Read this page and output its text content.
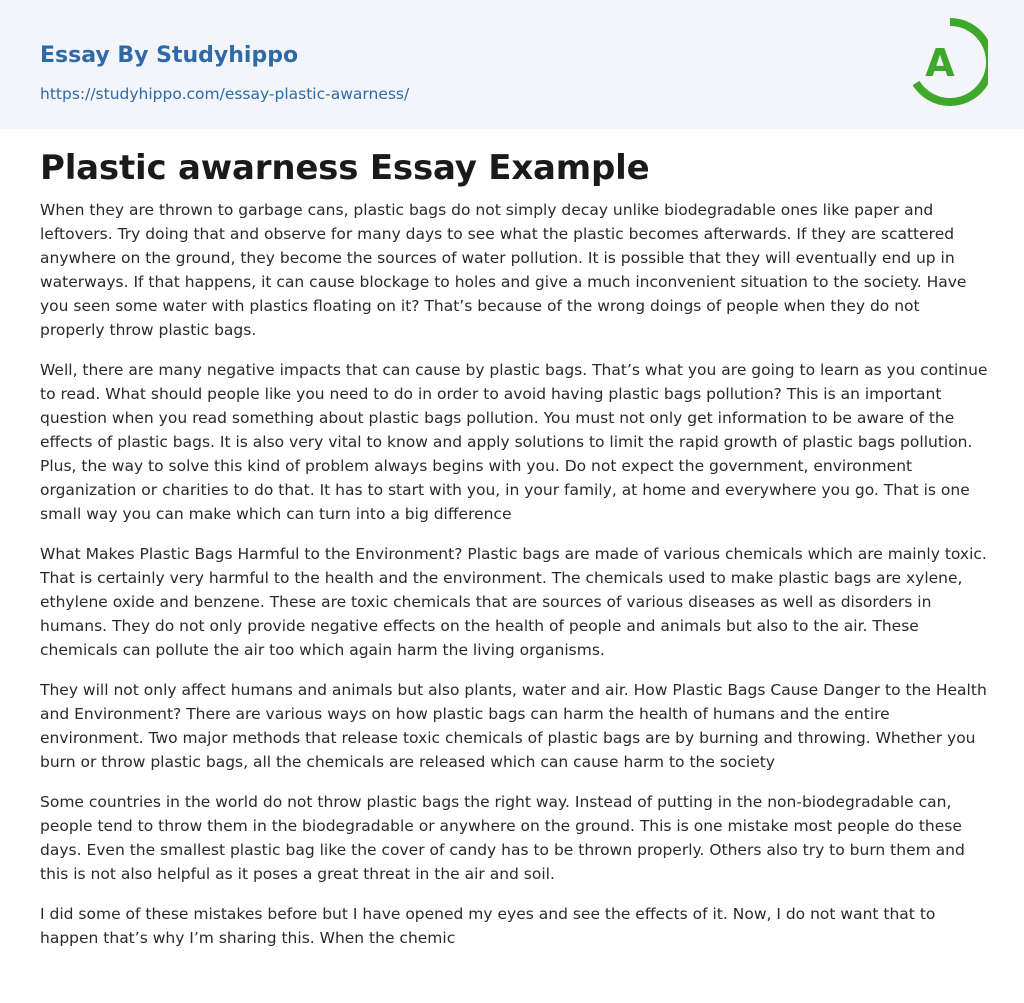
Essay By Studyhippo
https://studyhippo.com/essay-plastic-awarness/
A
Plastic awarness Essay Example

When they are thrown to garbage cans, plastic bags do not simply decay unlike biodegradable ones like paper and leftovers. Try doing that and observe for many days to see what the plastic becomes afterwards. If they are scattered anywhere on the ground, they become the sources of water pollution. It is possible that they will eventually end up in waterways. If that happens, it can cause blockage to holes and give a much inconvenient situation to the society. Have you seen some water with plastics floating on it? That’s because of the wrong doings of people when they do not properly throw plastic bags.

Well, there are many negative impacts that can cause by plastic bags. That’s what you are going to learn as you continue to read. What should people like you need to do in order to avoid having plastic bags pollution? This is an important question when you read something about plastic bags pollution. You must not only get information to be aware of the effects of plastic bags. It is also very vital to know and apply solutions to limit the rapid growth of plastic bags pollution. Plus, the way to solve this kind of problem always begins with you. Do not expect the government, environment organization or charities to do that. It has to start with you, in your family, at home and everywhere you go. That is one small way you can make which can turn into a big difference

What Makes Plastic Bags Harmful to the Environment? Plastic bags are made of various chemicals which are mainly toxic. That is certainly very harmful to the health and the environment. The chemicals used to make plastic bags are xylene, ethylene oxide and benzene. These are toxic chemicals that are sources of various diseases as well as disorders in humans. They do not only provide negative effects on the health of people and animals but also to the air. These chemicals can pollute the air too which again harm the living organisms.

They will not only affect humans and animals but also plants, water and air. How Plastic Bags Cause Danger to the Health and Environment? There are various ways on how plastic bags can harm the health of humans and the entire environment. Two major methods that release toxic chemicals of plastic bags are by burning and throwing. Whether you burn or throw plastic bags, all the chemicals are released which can cause harm to the society

Some countries in the world do not throw plastic bags the right way. Instead of putting in the non-biodegradable can, people tend to throw them in the biodegradable or anywhere on the ground. This is one mistake most people do these days. Even the smallest plastic bag like the cover of candy has to be thrown properly. Others also try to burn them and this is not also helpful as it poses a great threat in the air and soil.

I did some of these mistakes before but I have opened my eyes and see the effects of it. Now, I do not want that to happen that’s why I’m sharing this. When the chemic
